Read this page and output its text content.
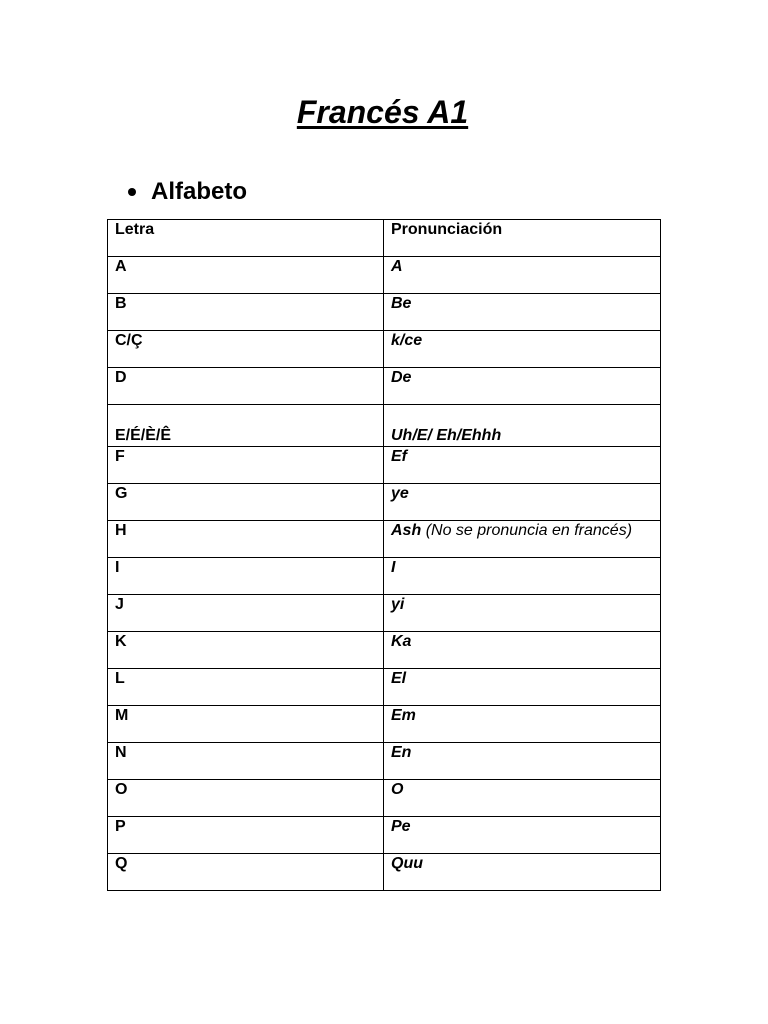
Francés A1
Alfabeto
Letra	Pronunciación
A	A
B	Be
C/Ç	k/ce
D	De

E/É/È/Ê	Uh/E/ Eh/Ehhh

F	Ef
G	ye
H	Ash (No se pronuncia en francés)
I	I
J	yi
K	Ka
L	El
M	Em
N	En
O	O
P	Pe
Q	Quu
